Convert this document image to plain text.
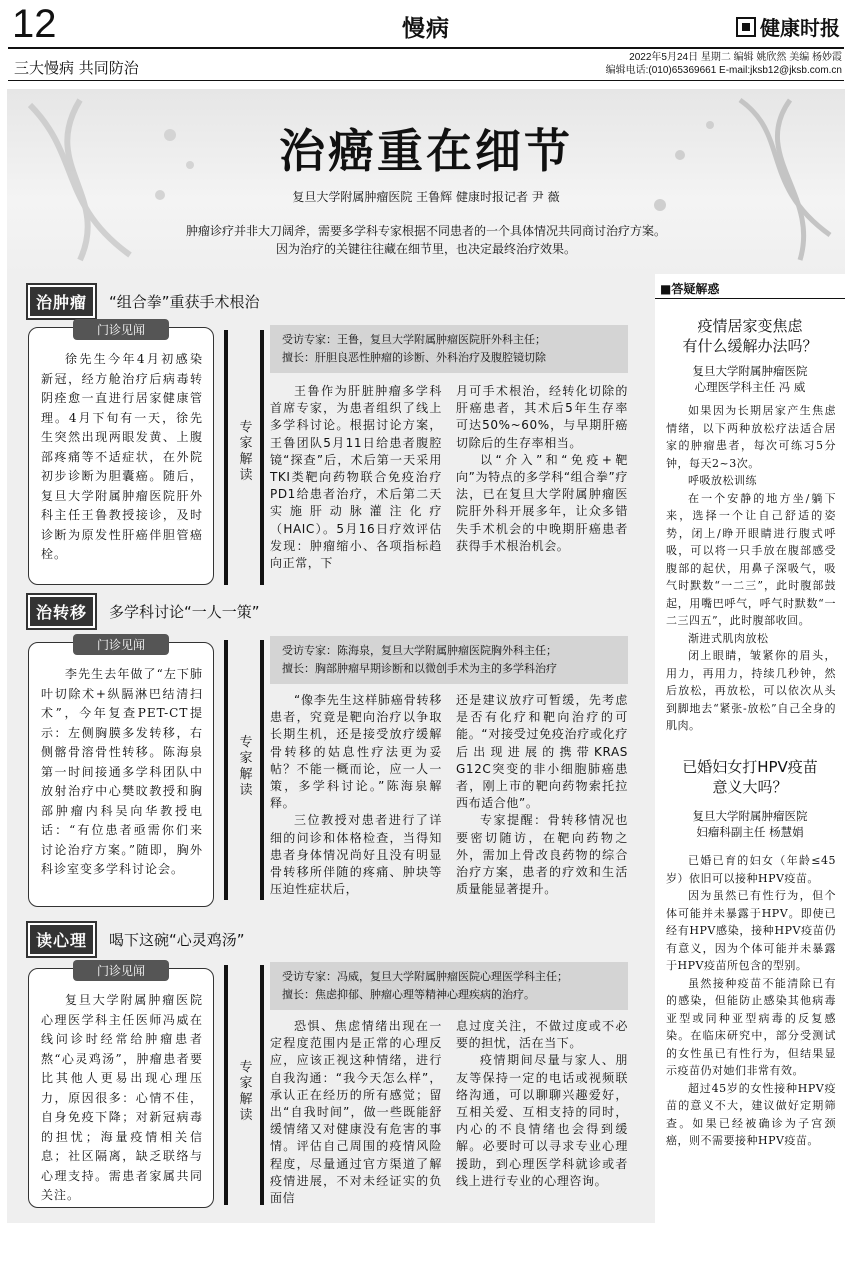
12	慢病	健康时报
三大慢病 共同防治
2022年5月24日 星期二 编辑 姚欣然 美编 杨妙霞
编辑电话:(010)65369661 E-mail:jksb12@jksb.com.cn
治癌重在细节
复旦大学附属肿瘤医院 王鲁辉 健康时报记者 尹 薇
肿瘤诊疗并非大刀阔斧，需要多学科专家根据不同患者的一个具体情况共同商讨治疗方案。
因为治疗的关键往往藏在细节里，也决定最终治疗效果。
治肿瘤	“组合拳”重获手术根治
徐先生今年4月初感染新冠，经方舱治疗后病毒转阴痊愈一直进行居家健康管理。4月下旬有一天，徐先生突然出现两眼发黄、上腹部疼痛等不适症状，在外院初步诊断为胆囊癌。随后，复旦大学附属肿瘤医院肝外科主任王鲁教授接诊，及时诊断为原发性肝癌伴胆管癌栓。
门诊见闻
专家解读
受访专家：王鲁，复旦大学附属肿瘤医院肝外科主任；
擅长：肝胆良恶性肿瘤的诊断、外科治疗及腹腔镜切除

王鲁作为肝脏肿瘤多学科首席专家，为患者组织了线上多学科讨论。根据讨论方案，王鲁团队5月11日给患者腹腔镜“探查”后，术后第一天采用TKI类靶向药物联合免疫治疗PD1给患者治疗，术后第二天实施肝动脉灌注化疗（HAIC）。5月16日疗效评估发现：肿瘤缩小、各项指标趋向正常，下

月可手术根治，经转化切除的肝癌患者，其术后5年生存率可达50%~60%，与早期肝癌切除后的生存率相当。

以“介入”和“免疫+靶向”为特点的多学科“组合拳”疗法，已在复旦大学附属肿瘤医院肝外科开展多年，让众多错失手术机会的中晚期肝癌患者获得手术根治机会。

治转移	多学科讨论“一人一策”
李先生去年做了“左下肺叶切除术+纵膈淋巴结清扫术”，今年复查PET-CT提示：左侧胸膜多发转移，右侧髂骨溶骨性转移。陈海泉第一时间接通多学科团队中放射治疗中心樊旼教授和胸部肿瘤内科吴向华教授电话：“有位患者亟需你们来讨论治疗方案。”随即，胸外科诊室变多学科讨论会。
门诊见闻
专家解读
受访专家：陈海泉，复旦大学附属肿瘤医院胸外科主任；
擅长：胸部肿瘤早期诊断和以微创手术为主的多学科治疗

“像李先生这样肺癌骨转移患者，究竟是靶向治疗以争取长期生机，还是接受放疗缓解骨转移的姑息性疗法更为妥帖？不能一概而论，应一人一策，多学科讨论。”陈海泉解释。

三位教授对患者进行了详细的问诊和体格检查，当得知患者身体情况尚好且没有明显骨转移所伴随的疼痛、肿块等压迫性症状后，

还是建议放疗可暂缓，先考虑是否有化疗和靶向治疗的可能。“对接受过免疫治疗或化疗后出现进展的携带KRAS G12C突变的非小细胞肺癌患者，刚上市的靶向药物索托拉西布适合他”。

专家提醒：骨转移情况也要密切随访，在靶向药物之外，需加上骨改良药物的综合治疗方案，患者的疗效和生活质量能显著提升。

读心理	喝下这碗“心灵鸡汤”
复旦大学附属肿瘤医院心理医学科主任医师冯威在线问诊时经常给肿瘤患者熬“心灵鸡汤”，肿瘤患者要比其他人更易出现心理压力，原因很多：心情不佳，自身免疫下降；对新冠病毒的担忧；海量疫情相关信息；社区隔离，缺乏联络与心理支持。需患者家属共同关注。
门诊见闻
专家解读
受访专家：冯威，复旦大学附属肿瘤医院心理医学科主任；
擅长：焦虑抑郁、肿瘤心理等精神心理疾病的治疗。

恐惧、焦虑情绪出现在一定程度范围内是正常的心理反应，应该正视这种情绪，进行自我沟通：“我今天怎么样”，承认正在经历的所有感觉；留出“自我时间”，做一些既能舒缓情绪又对健康没有危害的事情。评估自己周围的疫情风险程度，尽量通过官方渠道了解疫情进展，不对未经证实的负面信

息过度关注，不做过度或不必要的担忧，活在当下。

疫情期间尽量与家人、朋友等保持一定的电话或视频联络沟通，可以聊聊兴趣爱好，互相关爱、互相支持的同时，内心的不良情绪也会得到缓解。必要时可以寻求专业心理援助，到心理医学科就诊或者线上进行专业的心理咨询。

■答疑解惑
疫情居家变焦虑
有什么缓解办法吗？
复旦大学附属肿瘤医院
心理医学科主任 冯 威

如果因为长期居家产生焦虑情绪，以下两种放松疗法适合居家的肿瘤患者，每次可练习5分钟，每天2~3次。

呼吸放松训练

在一个安静的地方坐/躺下来，选择一个让自己舒适的姿势，闭上/睁开眼睛进行腹式呼吸，可以将一只手放在腹部感受腹部的起伏，用鼻子深吸气，吸气时默数“一二三”，此时腹部鼓起，用嘴巴呼气，呼气时默数“一二三四五”，此时腹部收回。

渐进式肌肉放松

闭上眼睛，皱紧你的眉头，用力，再用力，持续几秒钟，然后放松，再放松，可以依次从头到脚地去“紧张-放松”自己全身的肌肉。

已婚妇女打HPV疫苗
意义大吗？
复旦大学附属肿瘤医院
妇瘤科副主任 杨慧娟

已婚已育的妇女（年龄≤45岁）依旧可以接种HPV疫苗。

因为虽然已有性行为，但个体可能并未暴露于HPV。即使已经有HPV感染，接种HPV疫苗仍有意义，因为个体可能并未暴露于HPV疫苗所包含的型别。

虽然接种疫苗不能清除已有的感染，但能防止感染其他病毒亚型或同种亚型病毒的反复感染。在临床研究中，部分受测试的女性虽已有性行为，但结果显示疫苗仍对她们非常有效。

超过45岁的女性接种HPV疫苗的意义不大，建议做好定期筛查。如果已经被确诊为子宫颈癌，则不需要接种HPV疫苗。
